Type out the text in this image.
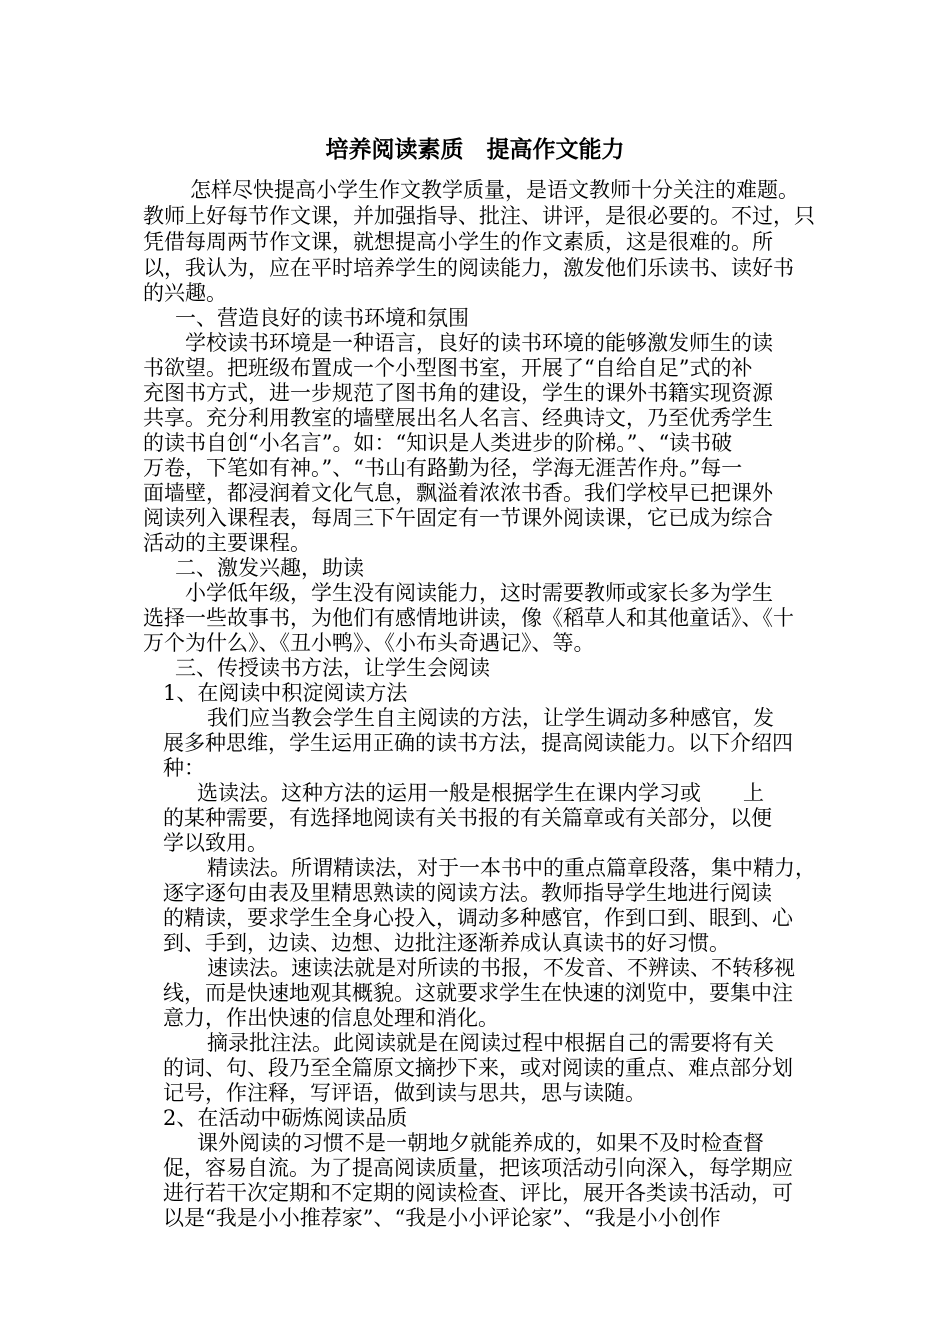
培养阅读素质　提高作文能力
怎样尽快提高小学生作文教学质量，是语文教师十分关注的难题。
教师上好每节作文课，并加强指导、批注、讲评，是很必要的。不过，只
凭借每周两节作文课，就想提高小学生的作文素质，这是很难的。所
以，我认为，应在平时培养学生的阅读能力，激发他们乐读书、读好书
的兴趣。
一、营造良好的读书环境和氛围
学校读书环境是一种语言，良好的读书环境的能够激发师生的读
书欲望。把班级布置成一个小型图书室，开展了“自给自足”式的补
充图书方式，进一步规范了图书角的建设，学生的课外书籍实现资源
共享。充分利用教室的墙壁展出名人名言、经典诗文，乃至优秀学生
的读书自创“小名言”。如：“知识是人类进步的阶梯。”、“读书破
万卷，下笔如有神。”、“书山有路勤为径，学海无涯苦作舟。”每一
面墙壁，都浸润着文化气息，飘溢着浓浓书香。我们学校早已把课外
阅读列入课程表，每周三下午固定有一节课外阅读课，它已成为综合
活动的主要课程。
二、激发兴趣，助读
小学低年级，学生没有阅读能力，这时需要教师或家长多为学生
选择一些故事书，为他们有感情地讲读，像《稻草人和其他童话》、《十
万个为什么》、《丑小鸭》、《小布头奇遇记》、等。
三、传授读书方法，让学生会阅读
1、在阅读中积淀阅读方法
我们应当教会学生自主阅读的方法，让学生调动多种感官，发
展多种思维，学生运用正确的读书方法，提高阅读能力。以下介绍四
种：
选读法。这种方法的运用一般是根据学生在课内学习或　　上
的某种需要，有选择地阅读有关书报的有关篇章或有关部分，以便
学以致用。
精读法。所谓精读法，对于一本书中的重点篇章段落，集中精力，
逐字逐句由表及里精思熟读的阅读方法。教师指导学生地进行阅读
的精读，要求学生全身心投入，调动多种感官，作到口到、眼到、心
到、手到，边读、边想、边批注逐渐养成认真读书的好习惯。
速读法。速读法就是对所读的书报，不发音、不辨读、不转移视
线，而是快速地观其概貌。这就要求学生在快速的浏览中，要集中注
意力，作出快速的信息处理和消化。
摘录批注法。此阅读就是在阅读过程中根据自己的需要将有关
的词、句、段乃至全篇原文摘抄下来，或对阅读的重点、难点部分划
记号，作注释，写评语，做到读与思共，思与读随。
2、在活动中砺炼阅读品质
课外阅读的习惯不是一朝地夕就能养成的，如果不及时检查督
促，容易自流。为了提高阅读质量，把该项活动引向深入，每学期应
进行若干次定期和不定期的阅读检查、评比，展开各类读书活动，可
以是“我是小小推荐家”、“我是小小评论家”、“我是小小创作
